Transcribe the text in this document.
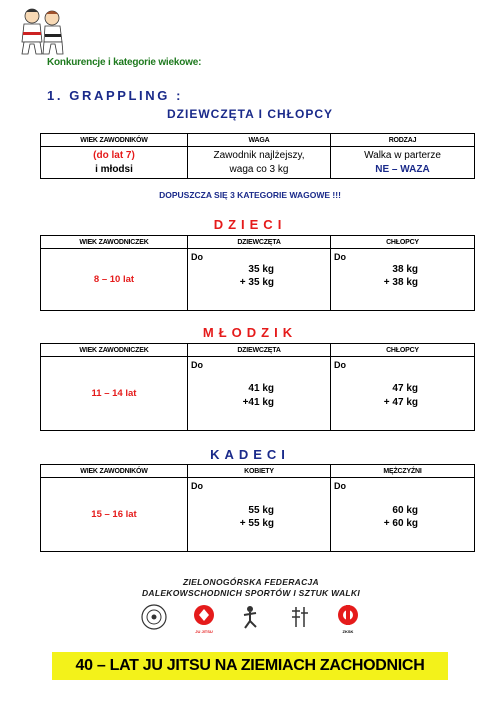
Konkurencje i kategorie wiekowe:
1. GRAPPLING :
DZIEWCZĘTA I CHŁOPCY
WIEK ZAWODNIKÓW	WAGA	RODZAJ
(do lat 7)
i młodsi	Zawodnik najlżejszy,
waga co 3 kg	Walka w parterze
NE – WAZA
DOPUSZCZA SIĘ 3 KATEGORIE WAGOWE !!!
DZIECI
WIEK ZAWODNICZEK	DZIEWCZĘTA	CHŁOPCY
8 – 10 lat	Do
35 kg
+ 35 kg	Do
38 kg
+ 38 kg
MŁODZIK
WIEK ZAWODNICZEK	DZIEWCZĘTA	CHŁOPCY
11 – 14 lat	Do
41 kg
+41 kg	Do
47 kg
+ 47 kg
KADECI
WIEK ZAWODNIKÓW	KOBIETY	MĘŻCZYŹNI
15 – 16 lat	Do
55 kg
+ 55 kg	Do
60 kg
+ 60 kg
ZIELONOGÓRSKA FEDERACJA
DALEKOWSCHODNICH SPORTÓW I SZTUK WALKI
JU JITSU	ZKSK
40 – LAT JU JITSU NA ZIEMIACH ZACHODNICH
